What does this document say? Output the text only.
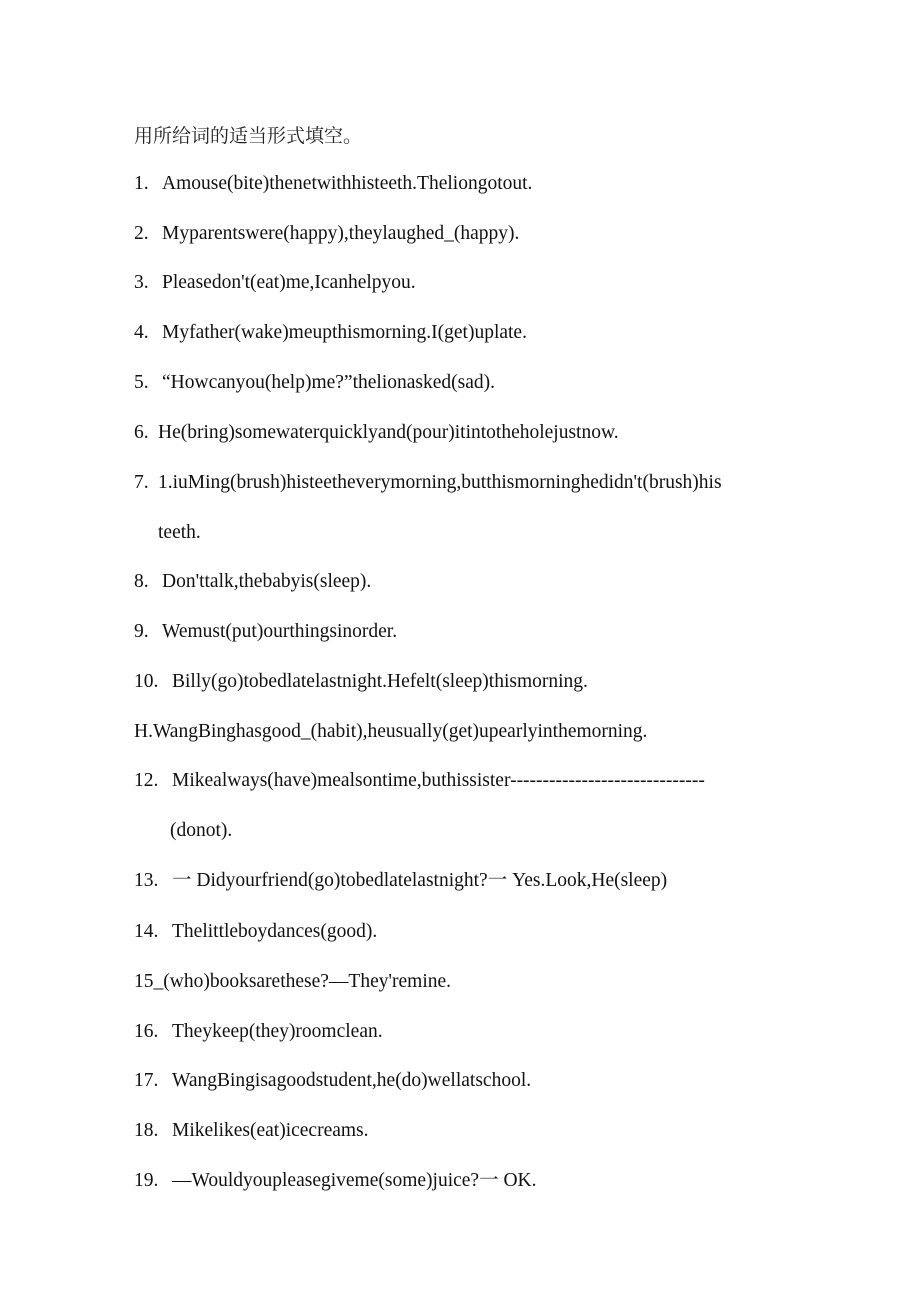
用所给词的适当形式填空。
1. Amouse(bite)thenetwithhisteeth.Theliongotout.
2. Myparentswere(happy),theylaughed_(happy).
3. Pleasedon't(eat)me,Icanhelpyou.
4. Myfather(wake)meupthismorning.I(get)uplate.
5. “Howcanyou(help)me?”thelionasked(sad).
6. He(bring)somewaterquicklyand(pour)itintotheholejustnow.
7. 1.iuMing(brush)histeetheverymorning,butthismorninghedidn't(brush)his
teeth.
8. Don'ttalk,thebabyis(sleep).
9. Wemust(put)ourthingsinorder.
10. Billy(go)tobedlatelastnight.Hefelt(sleep)thismorning.
H.WangBinghasgood_(habit),heusually(get)upearlyinthemorning.
12. Mikealways(have)mealsontime,buthissister------------------------------
(donot).
13. 一 Didyourfriend(go)tobedlatelastnight?一 Yes.Look,He(sleep)
14. Thelittleboydances(good).
15_(who)booksarethese?—They'remine.
16. Theykeep(they)roomclean.
17. WangBingisagoodstudent,he(do)wellatschool.
18. Mikelikes(eat)icecreams.
19. —Wouldyoupleasegiveme(some)juice?一 OK.
